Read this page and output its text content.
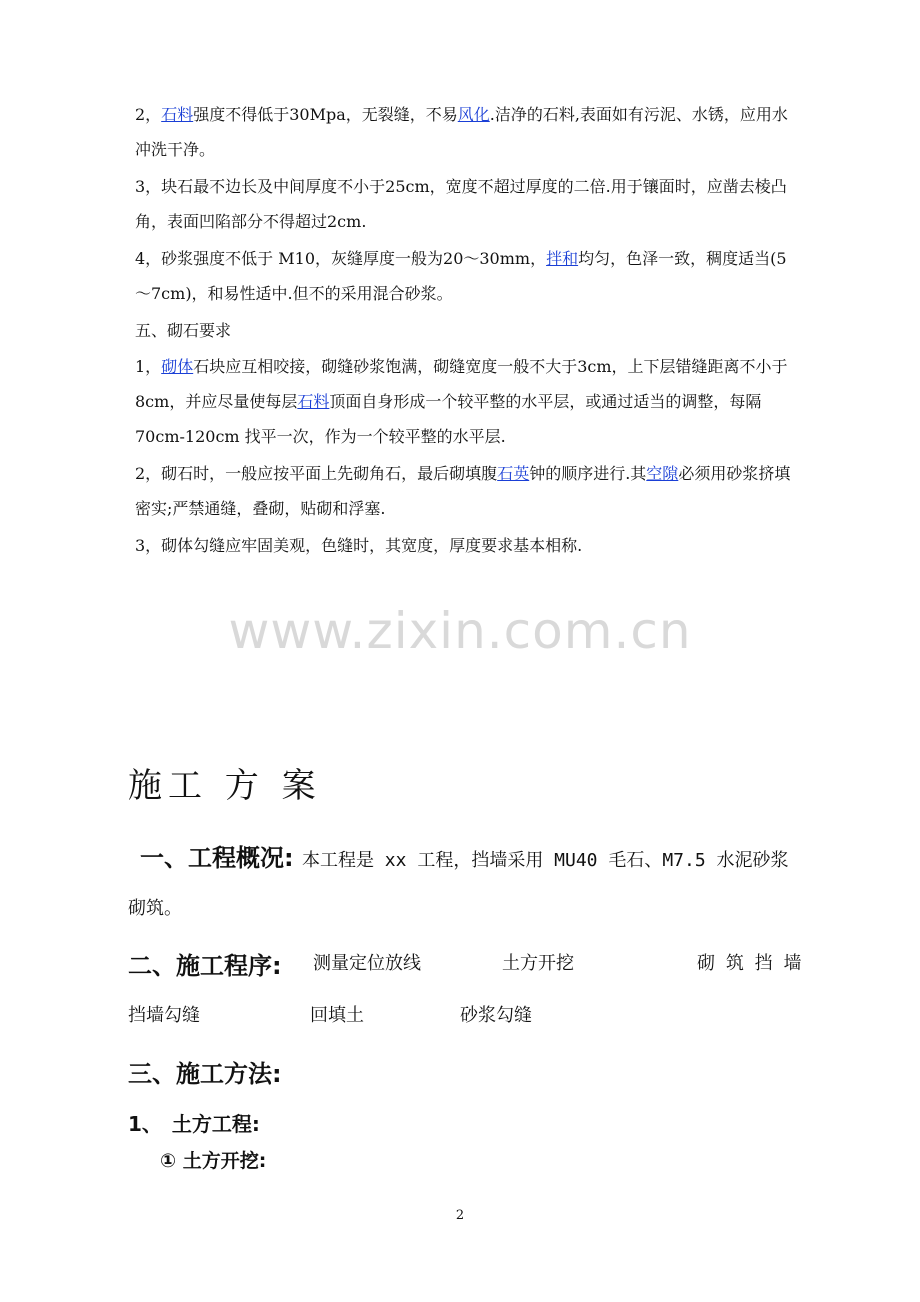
2，石料强度不得低于30Mpa，无裂缝，不易风化.洁净的石料,表面如有污泥、水锈，应用水冲洗干净。
3，块石最不边长及中间厚度不小于25cm，宽度不超过厚度的二倍.用于镶面时，应凿去棱凸角，表面凹陷部分不得超过2cm.
4，砂浆强度不低于 M10，灰缝厚度一般为20～30mm，拌和均匀，色泽一致，稠度适当(5～7cm)，和易性适中.但不的采用混合砂浆。
五、砌石要求
1，砌体石块应互相咬接，砌缝砂浆饱满，砌缝宽度一般不大于3cm，上下层错缝距离不小于8cm，并应尽量使每层石料顶面自身形成一个较平整的水平层，或通过适当的调整，每隔70cm-120cm 找平一次，作为一个较平整的水平层.
2，砌石时，一般应按平面上先砌角石，最后砌填腹石英钟的顺序进行.其空隙必须用砂浆挤填密实;严禁通缝，叠砌，贴砌和浮塞.
3，砌体勾缝应牢固美观，色缝时，其宽度，厚度要求基本相称.
www.zixin.com.cn
施工 方 案
一、工程概况: 本工程是 xx 工程，挡墙采用 MU40 毛石、M7.5 水泥砂浆
砌筑。
二、施工程序: 测量定位放线	土方开挖	砌 筑 挡 墙
挡墙勾缝	回填土	砂浆勾缝
三、施工方法:
1、　土方工程:
① 土方开挖:
2
